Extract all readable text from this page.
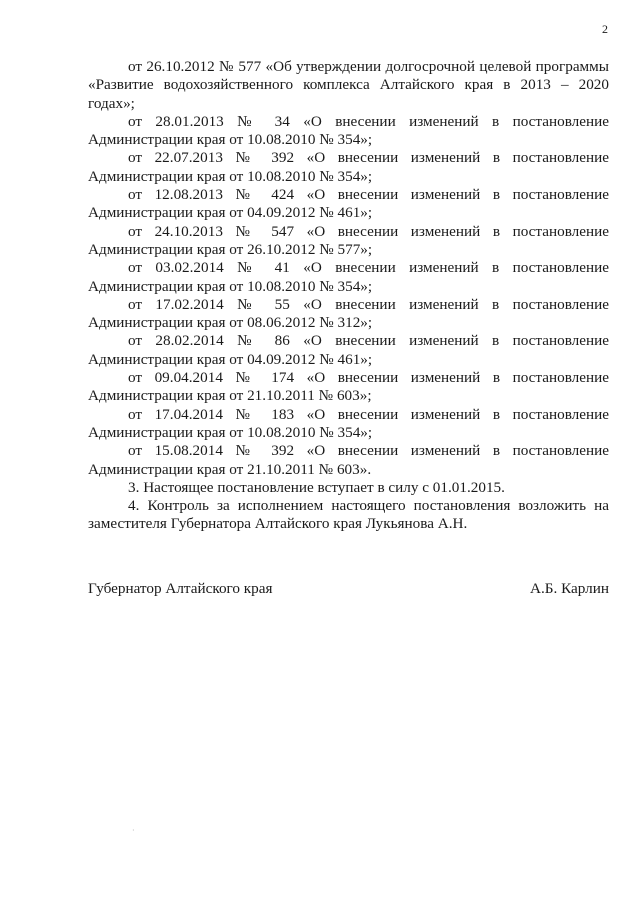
2

от 26.10.2012 № 577 «Об утверждении долгосрочной целевой программы «Развитие водохозяйственного комплекса Алтайского края в 2013 – 2020 годах»;

от 28.01.2013 № 34 «О внесении изменений в постановление Администрации края от 10.08.2010 № 354»;

от 22.07.2013 № 392 «О внесении изменений в постановление Администрации края от 10.08.2010 № 354»;

от 12.08.2013 № 424 «О внесении изменений в постановление Администрации края от 04.09.2012 № 461»;

от 24.10.2013 № 547 «О внесении изменений в постановление Администрации края от 26.10.2012 № 577»;

от 03.02.2014 № 41 «О внесении изменений в постановление Администрации края от 10.08.2010 № 354»;

от 17.02.2014 № 55 «О внесении изменений в постановление Администрации края от 08.06.2012 № 312»;

от 28.02.2014 № 86 «О внесении изменений в постановление Администрации края от 04.09.2012 № 461»;

от 09.04.2014 № 174 «О внесении изменений в постановление Администрации края от 21.10.2011 № 603»;

от 17.04.2014 № 183 «О внесении изменений в постановление Администрации края от 10.08.2010 № 354»;

от 15.08.2014 № 392 «О внесении изменений в постановление Администрации края от 21.10.2011 № 603».

3. Настоящее постановление вступает в силу с 01.01.2015.

4. Контроль за исполнением настоящего постановления возложить на заместителя Губернатора Алтайского края Лукьянова А.Н.

Губернатор Алтайского края	А.Б. Карлин
·
